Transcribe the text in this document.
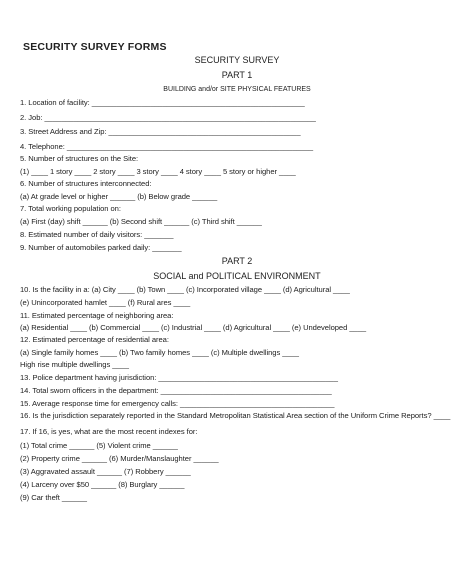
SECURITY SURVEY FORMS
SECURITY SURVEY
PART 1
BUILDING and/or SITE PHYSICAL FEATURES
1. Location of facility: ___________________________________________________
2. Job: _________________________________________________________________
3. Street Address and Zip: ______________________________________________
4. Telephone: ___________________________________________________________
5. Number of structures on the Site:
(1) ____ 1 story ____ 2 story ____ 3 story ____ 4 story ____ 5 story or higher ____
6. Number of structures interconnected:
(a) At grade level or higher ______ (b) Below grade ______
7. Total working population on:
(a) First (day) shift ______ (b) Second shift ______ (c) Third shift ______
8. Estimated number of daily visitors: _______
9. Number of automobiles parked daily: _______
PART 2
SOCIAL and POLITICAL ENVIRONMENT
10. Is the facility in a: (a) City ____ (b) Town ____ (c) Incorporated village ____ (d) Agricultural ____
(e) Unincorporated hamlet ____ (f) Rural ares ____
11. Estimated percentage of neighboring area:
(a) Residential ____ (b) Commercial ____ (c) Industrial ____ (d) Agricultural ____ (e) Undeveloped ____
12. Estimated percentage of residential area:
(a) Single family homes ____ (b) Two family homes ____ (c) Multiple dwellings ____
High rise multiple dwellings ____
13. Police department having jurisdiction: ___________________________________________
14. Total sworn officers in the department: _________________________________________
15. Average response time for emergency calls: _____________________________________
16. Is the jurisdiction separately reported in the Standard Metropolitan Statistical Area section of the Uniform Crime Reports? ____
17. If 16, is yes, what are the most recent indexes for:
(1) Total crime ______ (5) Violent crime ______
(2) Property crime ______ (6) Murder/Manslaughter ______
(3) Aggravated assault ______ (7) Robbery ______
(4) Larceny over $50 ______ (8) Burglary ______
(9) Car theft ______
